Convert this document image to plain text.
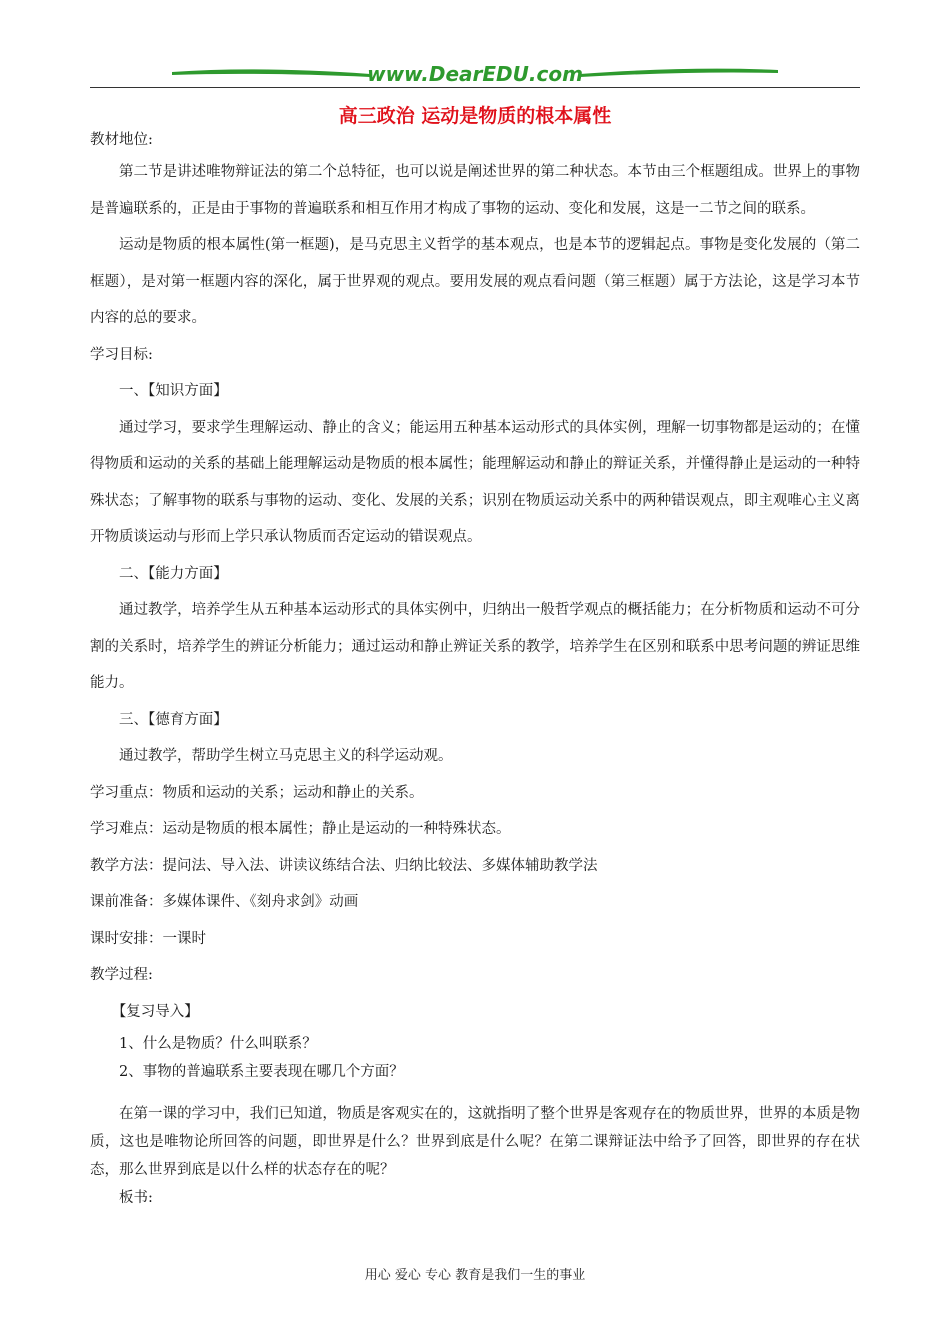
www.DearEDU.com
高三政治 运动是物质的根本属性

教材地位:

第二节是讲述唯物辩证法的第二个总特征，也可以说是阐述世界的第二种状态。本节由三个框题组成。世界上的事物是普遍联系的，正是由于事物的普遍联系和相互作用才构成了事物的运动、变化和发展，这是一二节之间的联系。

运动是物质的根本属性(第一框题)，是马克思主义哲学的基本观点，也是本节的逻辑起点。事物是变化发展的（第二框题），是对第一框题内容的深化，属于世界观的观点。要用发展的观点看问题（第三框题）属于方法论，这是学习本节内容的总的要求。

学习目标:

一、【知识方面】

通过学习，要求学生理解运动、静止的含义；能运用五种基本运动形式的具体实例，理解一切事物都是运动的；在懂得物质和运动的关系的基础上能理解运动是物质的根本属性；能理解运动和静止的辩证关系，并懂得静止是运动的一种特殊状态；了解事物的联系与事物的运动、变化、发展的关系；识别在物质运动关系中的两种错误观点，即主观唯心主义离开物质谈运动与形而上学只承认物质而否定运动的错误观点。

二、【能力方面】

通过教学，培养学生从五种基本运动形式的具体实例中，归纳出一般哲学观点的概括能力；在分析物质和运动不可分割的关系时，培养学生的辨证分析能力；通过运动和静止辨证关系的教学，培养学生在区别和联系中思考问题的辨证思维能力。

三、【德育方面】

通过教学，帮助学生树立马克思主义的科学运动观。

学习重点：物质和运动的关系；运动和静止的关系。

学习难点：运动是物质的根本属性；静止是运动的一种特殊状态。

教学方法：提问法、导入法、讲读议练结合法、归纳比较法、多媒体辅助教学法

课前准备：多媒体课件、《刻舟求剑》动画

课时安排：一课时

教学过程:

【复习导入】

1、什么是物质？什么叫联系？

2、事物的普遍联系主要表现在哪几个方面？

在第一课的学习中，我们已知道，物质是客观实在的，这就指明了整个世界是客观存在的物质世界，世界的本质是物质，这也是唯物论所回答的问题，即世界是什么？世界到底是什么呢？在第二课辩证法中给予了回答，即世界的存在状态，那么世界到底是以什么样的状态存在的呢？

板书:

用心 爱心 专心 教育是我们一生的事业
